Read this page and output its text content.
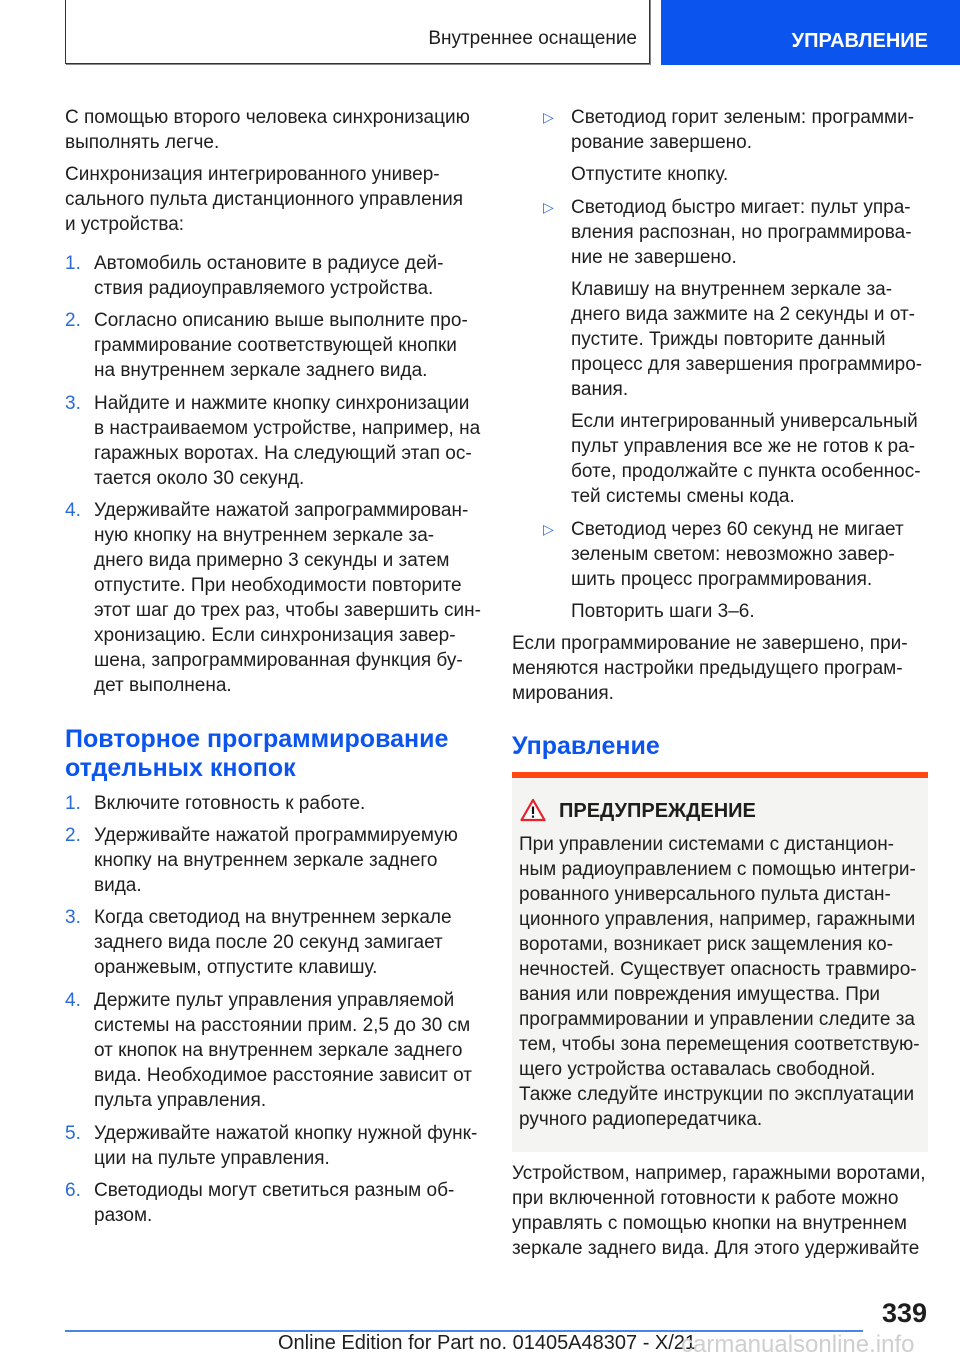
Внутреннее оснащение	УПРАВЛЕНИЕ
С помощью второго человека синхронизацию
выполнять легче.
Синхронизация интегрированного универ-
сального пульта дистанционного управления
и устройства:
1. Автомобиль остановите в радиусе дей-
ствия радиоуправляемого устройства.
2. Согласно описанию выше выполните про-
граммирование соответствующей кнопки
на внутреннем зеркале заднего вида.
3. Найдите и нажмите кнопку синхронизации
в настраиваемом устройстве, например, на
гаражных воротах. На следующий этап ос-
тается около 30 секунд.
4. Удерживайте нажатой запрограммирован-
ную кнопку на внутреннем зеркале за-
днего вида примерно 3 секунды и затем
отпустите. При необходимости повторите
этот шаг до трех раз, чтобы завершить син-
хронизацию. Если синхронизация завер-
шена, запрограммированная функция бу-
дет выполнена.
Повторное программирование
отдельных кнопок
1. Включите готовность к работе.
2. Удерживайте нажатой программируемую
кнопку на внутреннем зеркале заднего
вида.
3. Когда светодиод на внутреннем зеркале
заднего вида после 20 секунд замигает
оранжевым, отпустите клавишу.
4. Держите пульт управления управляемой
системы на расстоянии прим. 2,5 до 30 см
от кнопок на внутреннем зеркале заднего
вида. Необходимое расстояние зависит от
пульта управления.
5. Удерживайте нажатой кнопку нужной функ-
ции на пульте управления.
6. Светодиоды могут светиться разным об-
разом.
▷ Светодиод горит зеленым: программи-
рование завершено.
Отпустите кнопку.
▷ Светодиод быстро мигает: пульт упра-
вления распознан, но программирова-
ние не завершено.
Клавишу на внутреннем зеркале за-
днего вида зажмите на 2 секунды и от-
пустите. Трижды повторите данный
процесс для завершения программиро-
вания.
Если интегрированный универсальный
пульт управления все же не готов к ра-
боте, продолжайте с пункта особеннос-
тей системы смены кода.
▷ Светодиод через 60 секунд не мигает
зеленым светом: невозможно завер-
шить процесс программирования.
Повторить шаги 3–6.
Если программирование не завершено, при-
меняются настройки предыдущего програм-
мирования.
Управление
ПРЕДУПРЕЖДЕНИЕ
При управлении системами с дистанцион-
ным радиоуправлением с помощью интегри-
рованного универсального пульта дистан-
ционного управления, например, гаражными
воротами, возникает риск защемления ко-
нечностей. Существует опасность травмиро-
вания или повреждения имущества. При
программировании и управлении следите за
тем, чтобы зона перемещения соответствую-
щего устройства оставалась свободной.
Также следуйте инструкции по эксплуатации
ручного радиопередатчика.
Устройством, например, гаражными воротами,
при включенной готовности к работе можно
управлять с помощью кнопки на внутреннем
зеркале заднего вида. Для этого удерживайте
339
Online Edition for Part no. 01405A48307 - X/21
carmanualsonline.info
